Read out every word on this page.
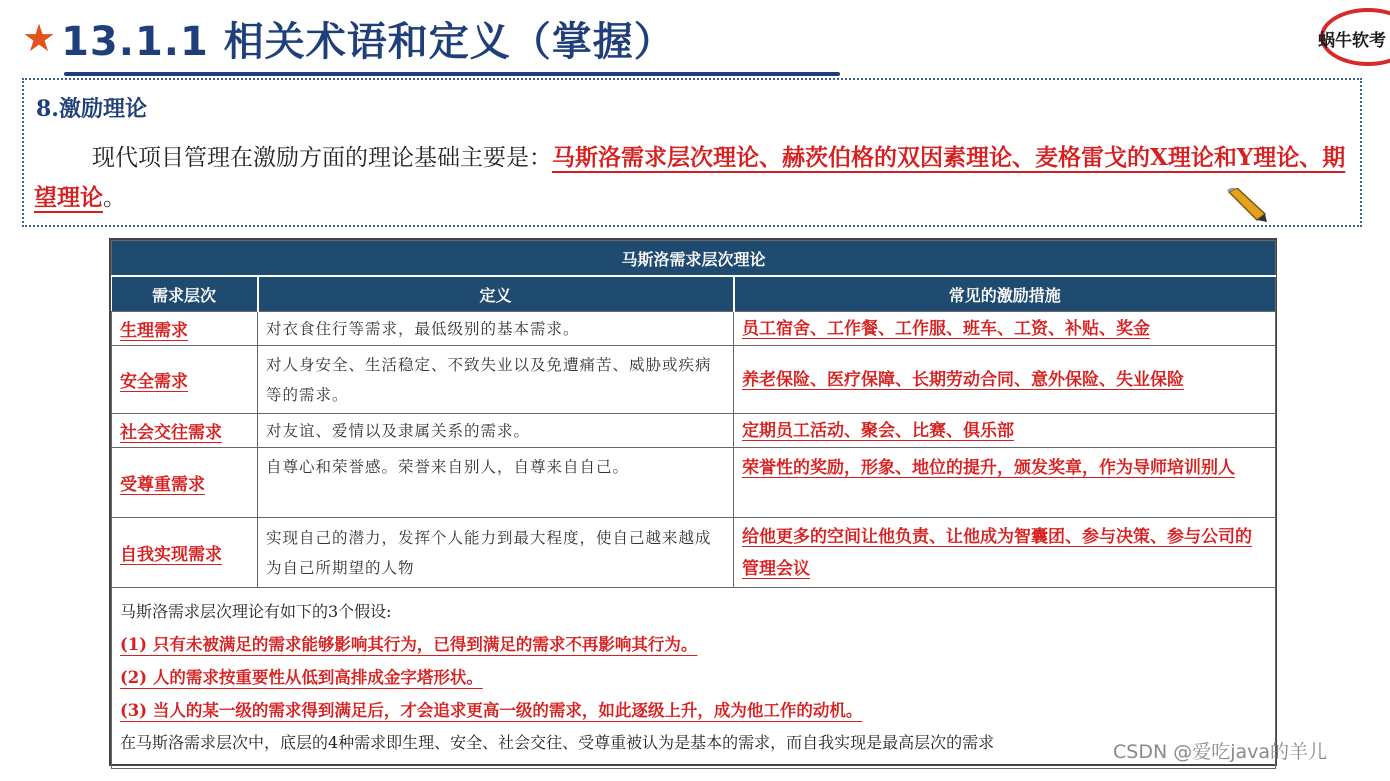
★ 13.1.1 相关术语和定义（掌握）	蜗牛软考
8.激励理论
现代项目管理在激励方面的理论基础主要是：马斯洛需求层次理论、赫茨伯格的双因素理论、麦格雷戈的X理论和Y理论、期望理论。
马斯洛需求层次理论		
需求层次	定义	常见的激励措施
生理需求	对衣食住行等需求，最低级别的基本需求。	员工宿舍、工作餐、工作服、班车、工资、补贴、奖金
安全需求	对人身安全、生活稳定、不致失业以及免遭痛苦、威胁或疾病等的需求。	养老保险、医疗保障、长期劳动合同、意外保险、失业保险
社会交往需求	对友谊、爱情以及隶属关系的需求。	定期员工活动、聚会、比赛、俱乐部
受尊重需求	自尊心和荣誉感。荣誉来自别人，自尊来自自己。	荣誉性的奖励，形象、地位的提升，颁发奖章，作为导师培训别人
自我实现需求	实现自己的潜力，发挥个人能力到最大程度，使自己越来越成为自己所期望的人物	给他更多的空间让他负责、让他成为智囊团、参与决策、参与公司的管理会议

马斯洛需求层次理论有如下的3个假设:
(1) 只有未被满足的需求能够影响其行为，已得到满足的需求不再影响其行为。
(2) 人的需求按重要性从低到高排成金字塔形状。
(3) 当人的某一级的需求得到满足后，才会追求更高一级的需求，如此逐级上升，成为他工作的动机。
在马斯洛需求层次中，底层的4种需求即生理、安全、社会交往、受尊重被认为是基本的需求，而自我实现是最高层次的需求			CSDN @爱吃java的羊儿
